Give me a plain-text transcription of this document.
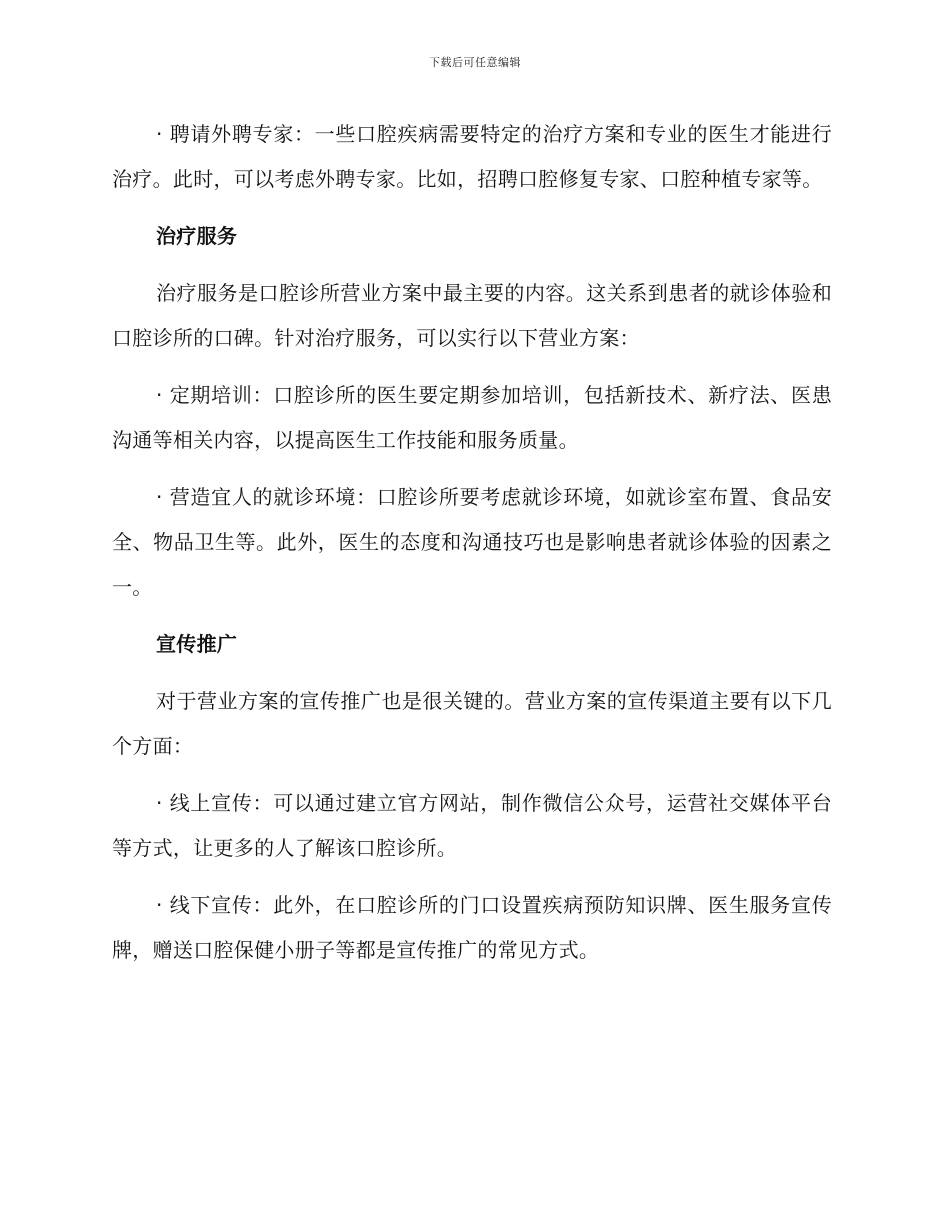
下载后可任意编辑

· 聘请外聘专家：一些口腔疾病需要特定的治疗方案和专业的医生才能进行治疗。此时，可以考虑外聘专家。比如，招聘口腔修复专家、口腔种植专家等。

治疗服务

治疗服务是口腔诊所营业方案中最主要的内容。这关系到患者的就诊体验和口腔诊所的口碑。针对治疗服务，可以实行以下营业方案：

· 定期培训：口腔诊所的医生要定期参加培训，包括新技术、新疗法、医患沟通等相关内容，以提高医生工作技能和服务质量。

· 营造宜人的就诊环境：口腔诊所要考虑就诊环境，如就诊室布置、食品安全、物品卫生等。此外，医生的态度和沟通技巧也是影响患者就诊体验的因素之一。

宣传推广

对于营业方案的宣传推广也是很关键的。营业方案的宣传渠道主要有以下几个方面：

· 线上宣传：可以通过建立官方网站，制作微信公众号，运营社交媒体平台等方式，让更多的人了解该口腔诊所。

· 线下宣传：此外，在口腔诊所的门口设置疾病预防知识牌、医生服务宣传牌，赠送口腔保健小册子等都是宣传推广的常见方式。
